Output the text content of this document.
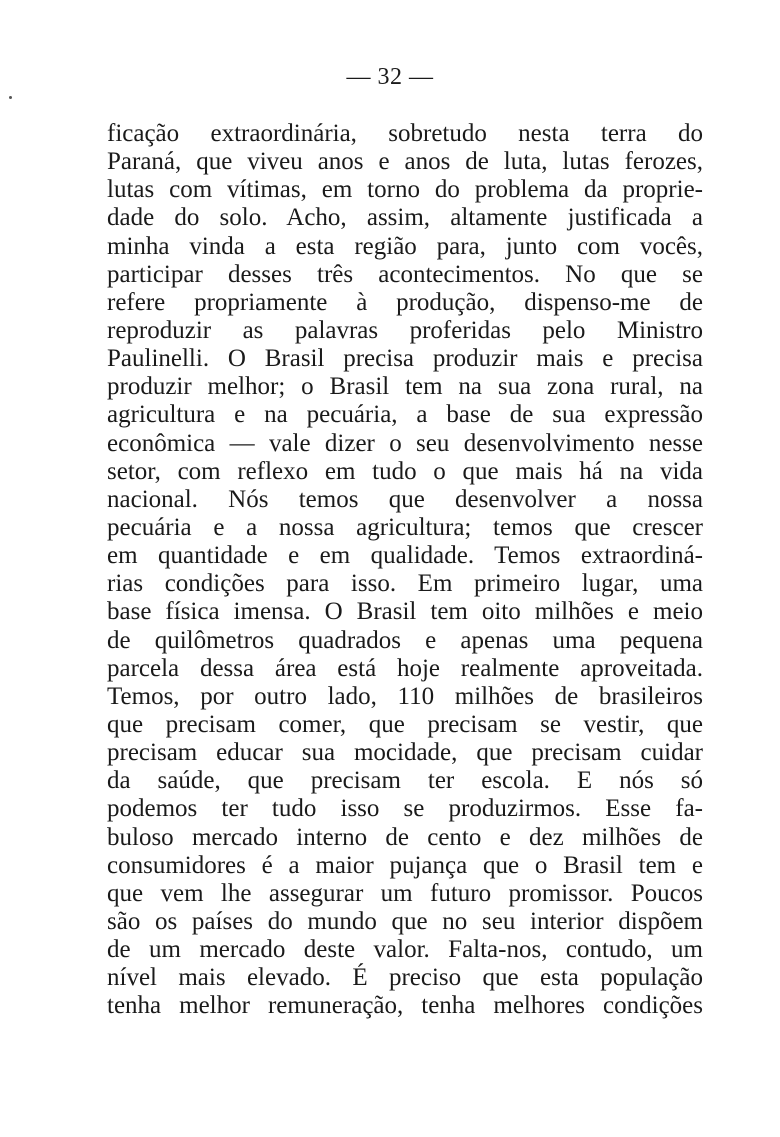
— 32 —
ficação extraordinária, sobretudo nesta terra do
Paraná, que viveu anos e anos de luta, lutas ferozes,
lutas com vítimas, em torno do problema da proprie-
dade do solo. Acho, assim, altamente justificada a
minha vinda a esta região para, junto com vocês,
participar desses três acontecimentos. No que se
refere propriamente à produção, dispenso-me de
reproduzir as palavras proferidas pelo Ministro
Paulinelli. O Brasil precisa produzir mais e precisa
produzir melhor; o Brasil tem na sua zona rural, na
agricultura e na pecuária, a base de sua expressão
econômica — vale dizer o seu desenvolvimento nesse
setor, com reflexo em tudo o que mais há na vida
nacional. Nós temos que desenvolver a nossa
pecuária e a nossa agricultura; temos que crescer
em quantidade e em qualidade. Temos extraordiná-
rias condições para isso. Em primeiro lugar, uma
base física imensa. O Brasil tem oito milhões e meio
de quilômetros quadrados e apenas uma pequena
parcela dessa área está hoje realmente aproveitada.
Temos, por outro lado, 110 milhões de brasileiros
que precisam comer, que precisam se vestir, que
precisam educar sua mocidade, que precisam cuidar
da saúde, que precisam ter escola. E nós só
podemos ter tudo isso se produzirmos. Esse fa-
buloso mercado interno de cento e dez milhões de
consumidores é a maior pujança que o Brasil tem e
que vem lhe assegurar um futuro promissor. Poucos
são os países do mundo que no seu interior dispõem
de um mercado deste valor. Falta-nos, contudo, um
nível mais elevado. É preciso que esta população
tenha melhor remuneração, tenha melhores condições
